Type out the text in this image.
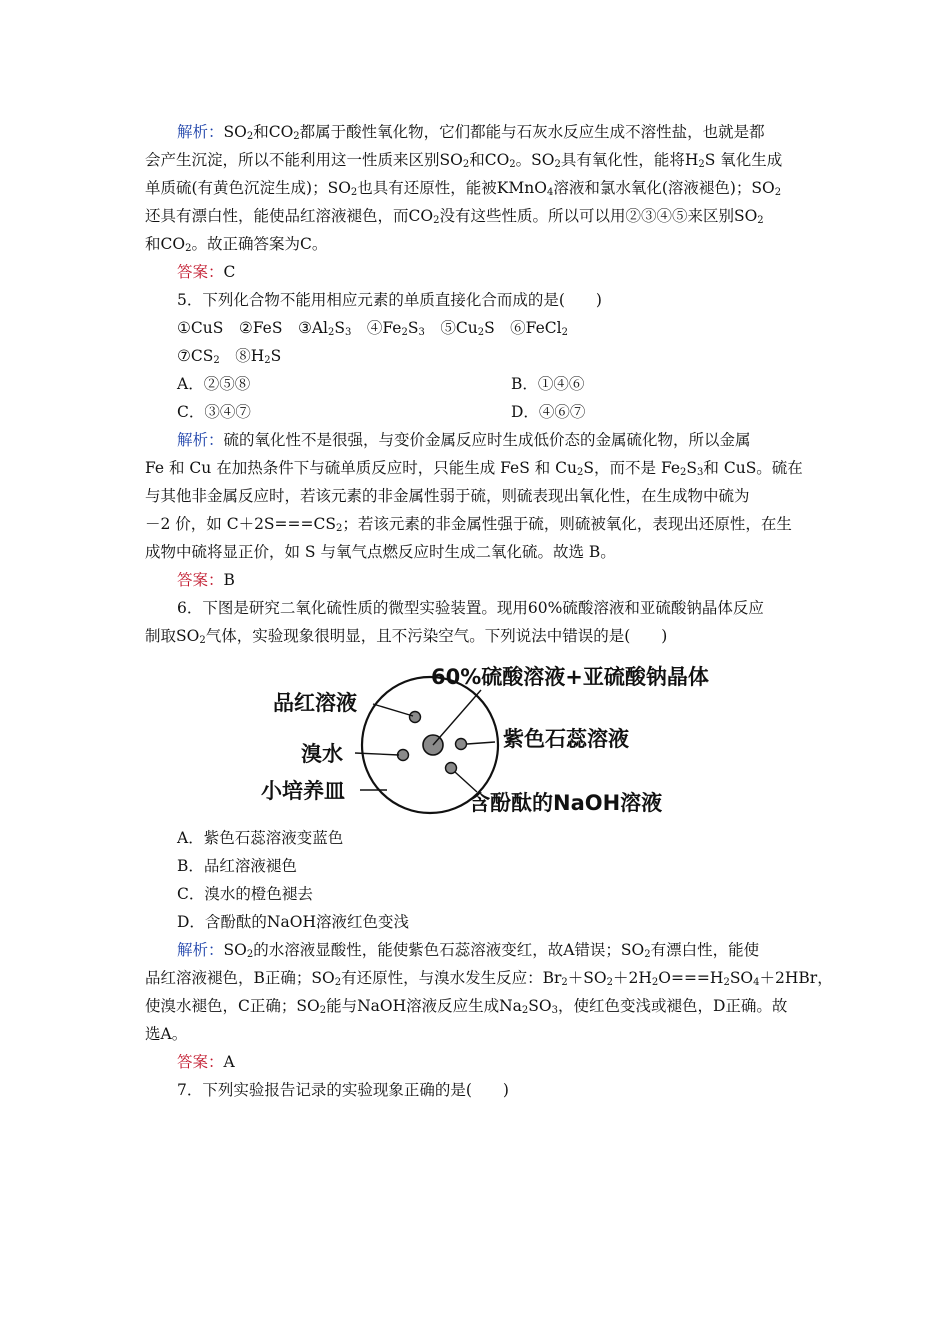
解析：$SO_2$和$CO_2$都属于酸性氧化物，它们都能与石灰水反应生成不溶性盐，也就是都
会产生沉淀，所以不能利用这一性质来区别$SO_2$和$CO_2$。$SO_2$具有氧化性，能将$H_2S$ 氧化生成
单质硫(有黄色沉淀生成)；$SO_2$也具有还原性，能被KMnO$_4$溶液和氯水氧化(溶液褪色)；$SO_2$
还具有漂白性，能使品红溶液褪色，而$CO_2$没有这些性质。所以可以用②③④⑤来区别$SO_2$
和$CO_2$。故正确答案为C。
答案：C
5．下列化合物不能用相应元素的单质直接化合而成的是(　　)
①CuS　②FeS　$③Al_2S_3$　$④Fe_2S_3$　$⑤Cu_2S$　⑥FeCl$_2$
$⑦CS_2$　$⑧H_2S$
A．②⑤⑧	B．①④⑥
C．③④⑦	D．④⑥⑦
解析：硫的氧化性不是很强，与变价金属反应时生成低价态的金属硫化物，所以金属
Fe 和 Cu 在加热条件下与硫单质反应时，只能生成 FeS 和 $Cu_2S$，而不是 $Fe_2S_3$和 CuS。硫在
与其他非金属反应时，若该元素的非金属性弱于硫，则硫表现出氧化性，在生成物中硫为
－2 价，如 $C+2S===CS_2$；若该元素的非金属性强于硫，则硫被氧化，表现出还原性，在生
成物中硫将显正价，如 S 与氧气点燃反应时生成二氧化硫。故选 B。
答案：B
6．下图是研究二氧化硫性质的微型实验装置。现用60%硫酸溶液和亚硫酸钠晶体反应
制取$SO_2$气体，实验现象很明显，且不污染空气。下列说法中错误的是(　　)
60%硫酸溶液+亚硫酸钠晶体
品红溶液
溴水
小培养皿
紫色石蕊溶液
含酚酞的NaOH溶液
A．紫色石蕊溶液变蓝色
B．品红溶液褪色
C．溴水的橙色褪去
D．含酚酞的NaOH溶液红色变浅
解析：$SO_2$的水溶液显酸性，能使紫色石蕊溶液变红，故A错误；$SO_2$有漂白性，能使
品红溶液褪色，B正确；$SO_2$有还原性，与溴水发生反应：$Br_2+SO_2+2H_2O===H_2SO_4+2HBr$，
使溴水褪色，C正确；$SO_2$能与NaOH溶液反应生成$Na_2SO_3$，使红色变浅或褪色，D正确。故
选A。
答案：A
7．下列实验报告记录的实验现象正确的是(　　)
